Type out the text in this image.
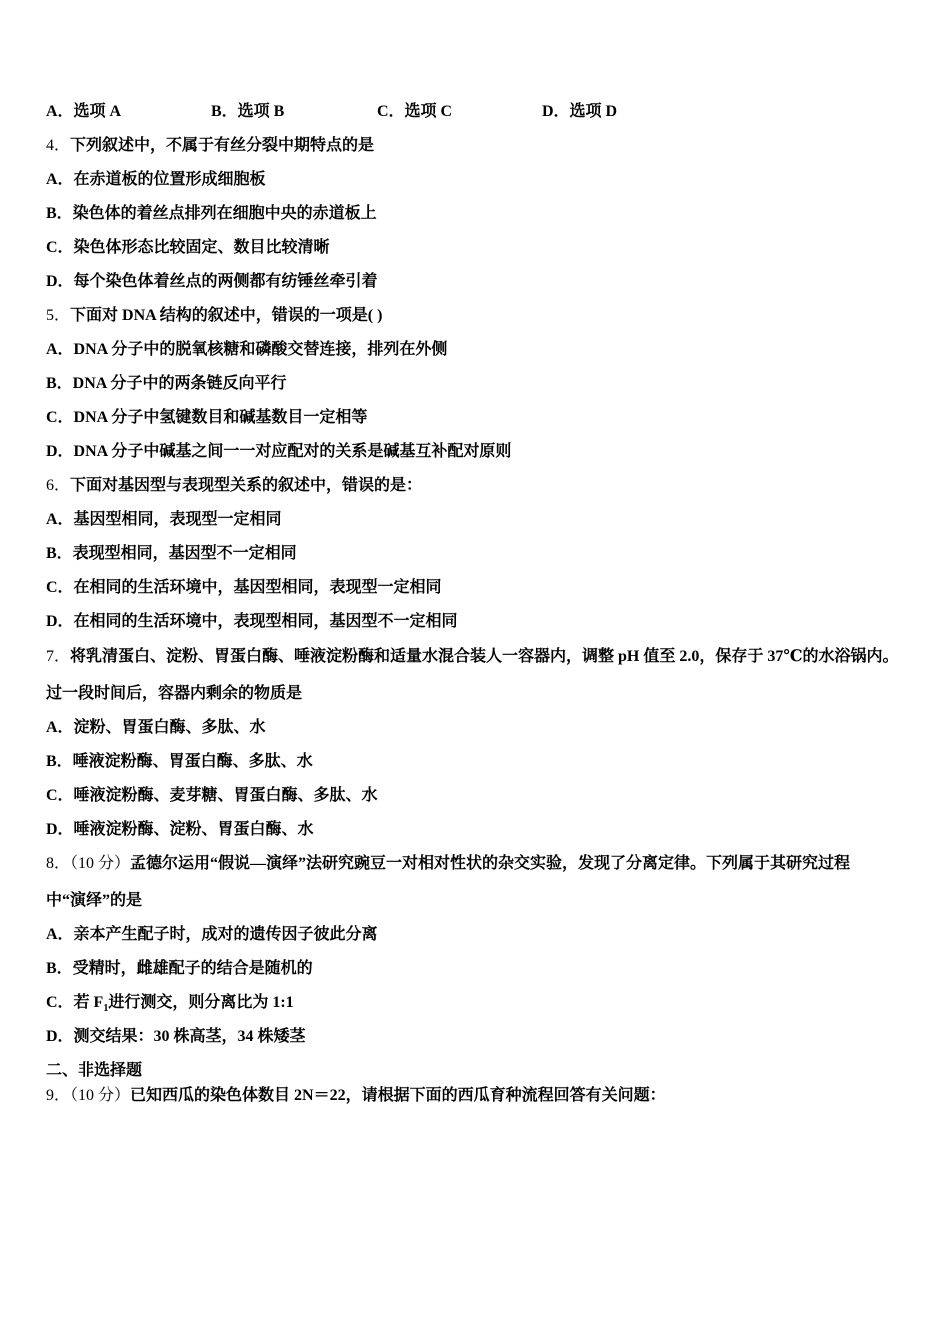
A．选项 A	B．选项 B	C．选项 C	D．选项 D
4．下列叙述中，不属于有丝分裂中期特点的是
A．在赤道板的位置形成细胞板
B．染色体的着丝点排列在细胞中央的赤道板上
C．染色体形态比较固定、数目比较清晰
D．每个染色体着丝点的两侧都有纺锤丝牵引着
5．下面对 DNA 结构的叙述中，错误的一项是( )
A．DNA 分子中的脱氧核糖和磷酸交替连接，排列在外侧
B．DNA 分子中的两条链反向平行
C．DNA 分子中氢键数目和碱基数目一定相等
D．DNA 分子中碱基之间一一对应配对的关系是碱基互补配对原则
6．下面对基因型与表现型关系的叙述中，错误的是：
A．基因型相同，表现型一定相同
B．表现型相同，基因型不一定相同
C．在相同的生活环境中，基因型相同，表现型一定相同
D．在相同的生活环境中，表现型相同，基因型不一定相同
7．将乳清蛋白、淀粉、胃蛋白酶、唾液淀粉酶和适量水混合装人一容器内，调整 pH 值至 2.0，保存于 37℃的水浴锅内。
过一段时间后，容器内剩余的物质是
A．淀粉、胃蛋白酶、多肽、水
B．唾液淀粉酶、胃蛋白酶、多肽、水
C．唾液淀粉酶、麦芽糖、胃蛋白酶、多肽、水
D．唾液淀粉酶、淀粉、胃蛋白酶、水
8．（10 分）孟德尔运用“假说—演绎”法研究豌豆一对相对性状的杂交实验，发现了分离定律。下列属于其研究过程
中“演绎”的是
A．亲本产生配子时，成对的遗传因子彼此分离
B．受精时，雌雄配子的结合是随机的
C．若 $F_1$进行测交，则分离比为 1:1
D．测交结果：30 株高茎，34 株矮茎
二、非选择题
9．（10 分）已知西瓜的染色体数目 2N＝22，请根据下面的西瓜育种流程回答有关问题：
